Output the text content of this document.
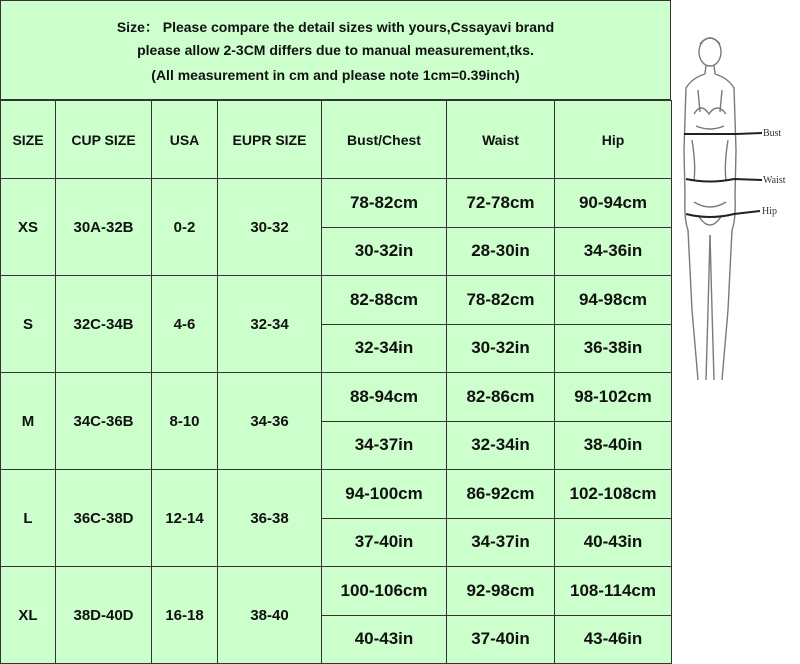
Size： Please compare the detail sizes with yours,Cssayavi brand
please allow 2-3CM differs due to manual measurement,tks.
(All measurement in cm and please note 1cm=0.39inch)
SIZE	CUP SIZE	USA	EUPR SIZE	Bust/Chest	Waist	Hip
XS	30A-32B	0-2	30-32	78-82cm	72-78cm	90-94cm
				30-32in	28-30in	34-36in
S	32C-34B	4-6	32-34	82-88cm	78-82cm	94-98cm
				32-34in	30-32in	36-38in
M	34C-36B	8-10	34-36	88-94cm	82-86cm	98-102cm
				34-37in	32-34in	38-40in
L	36C-38D	12-14	36-38	94-100cm	86-92cm	102-108cm
				37-40in	34-37in	40-43in
XL	38D-40D	16-18	38-40	100-106cm	92-98cm	108-114cm
				40-43in	37-40in	43-46in
Bust
Waist
Hip
